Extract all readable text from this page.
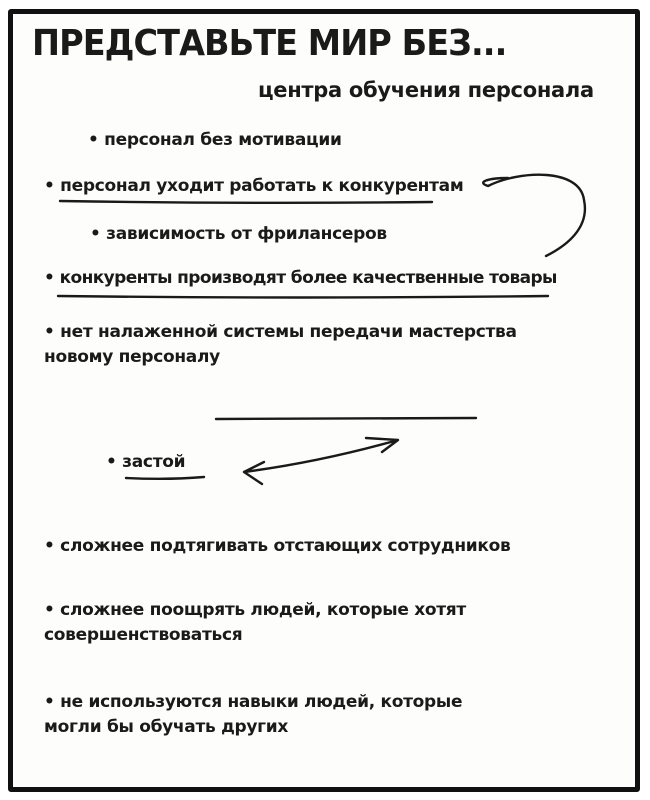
ПРЕДСТАВЬТЕ МИР БЕЗ...
центра обучения персонала
• персонал без мотивации
• персонал уходит работать к конкурентам
• зависимость от фрилансеров
• конкуренты производят более качественные товары
• нет налаженной системы передачи мастерства
новому персоналу
• застой
• сложнее подтягивать отстающих сотрудников
• сложнее поощрять людей, которые хотят
совершенствоваться
• не используются навыки людей, которые
могли бы обучать других
